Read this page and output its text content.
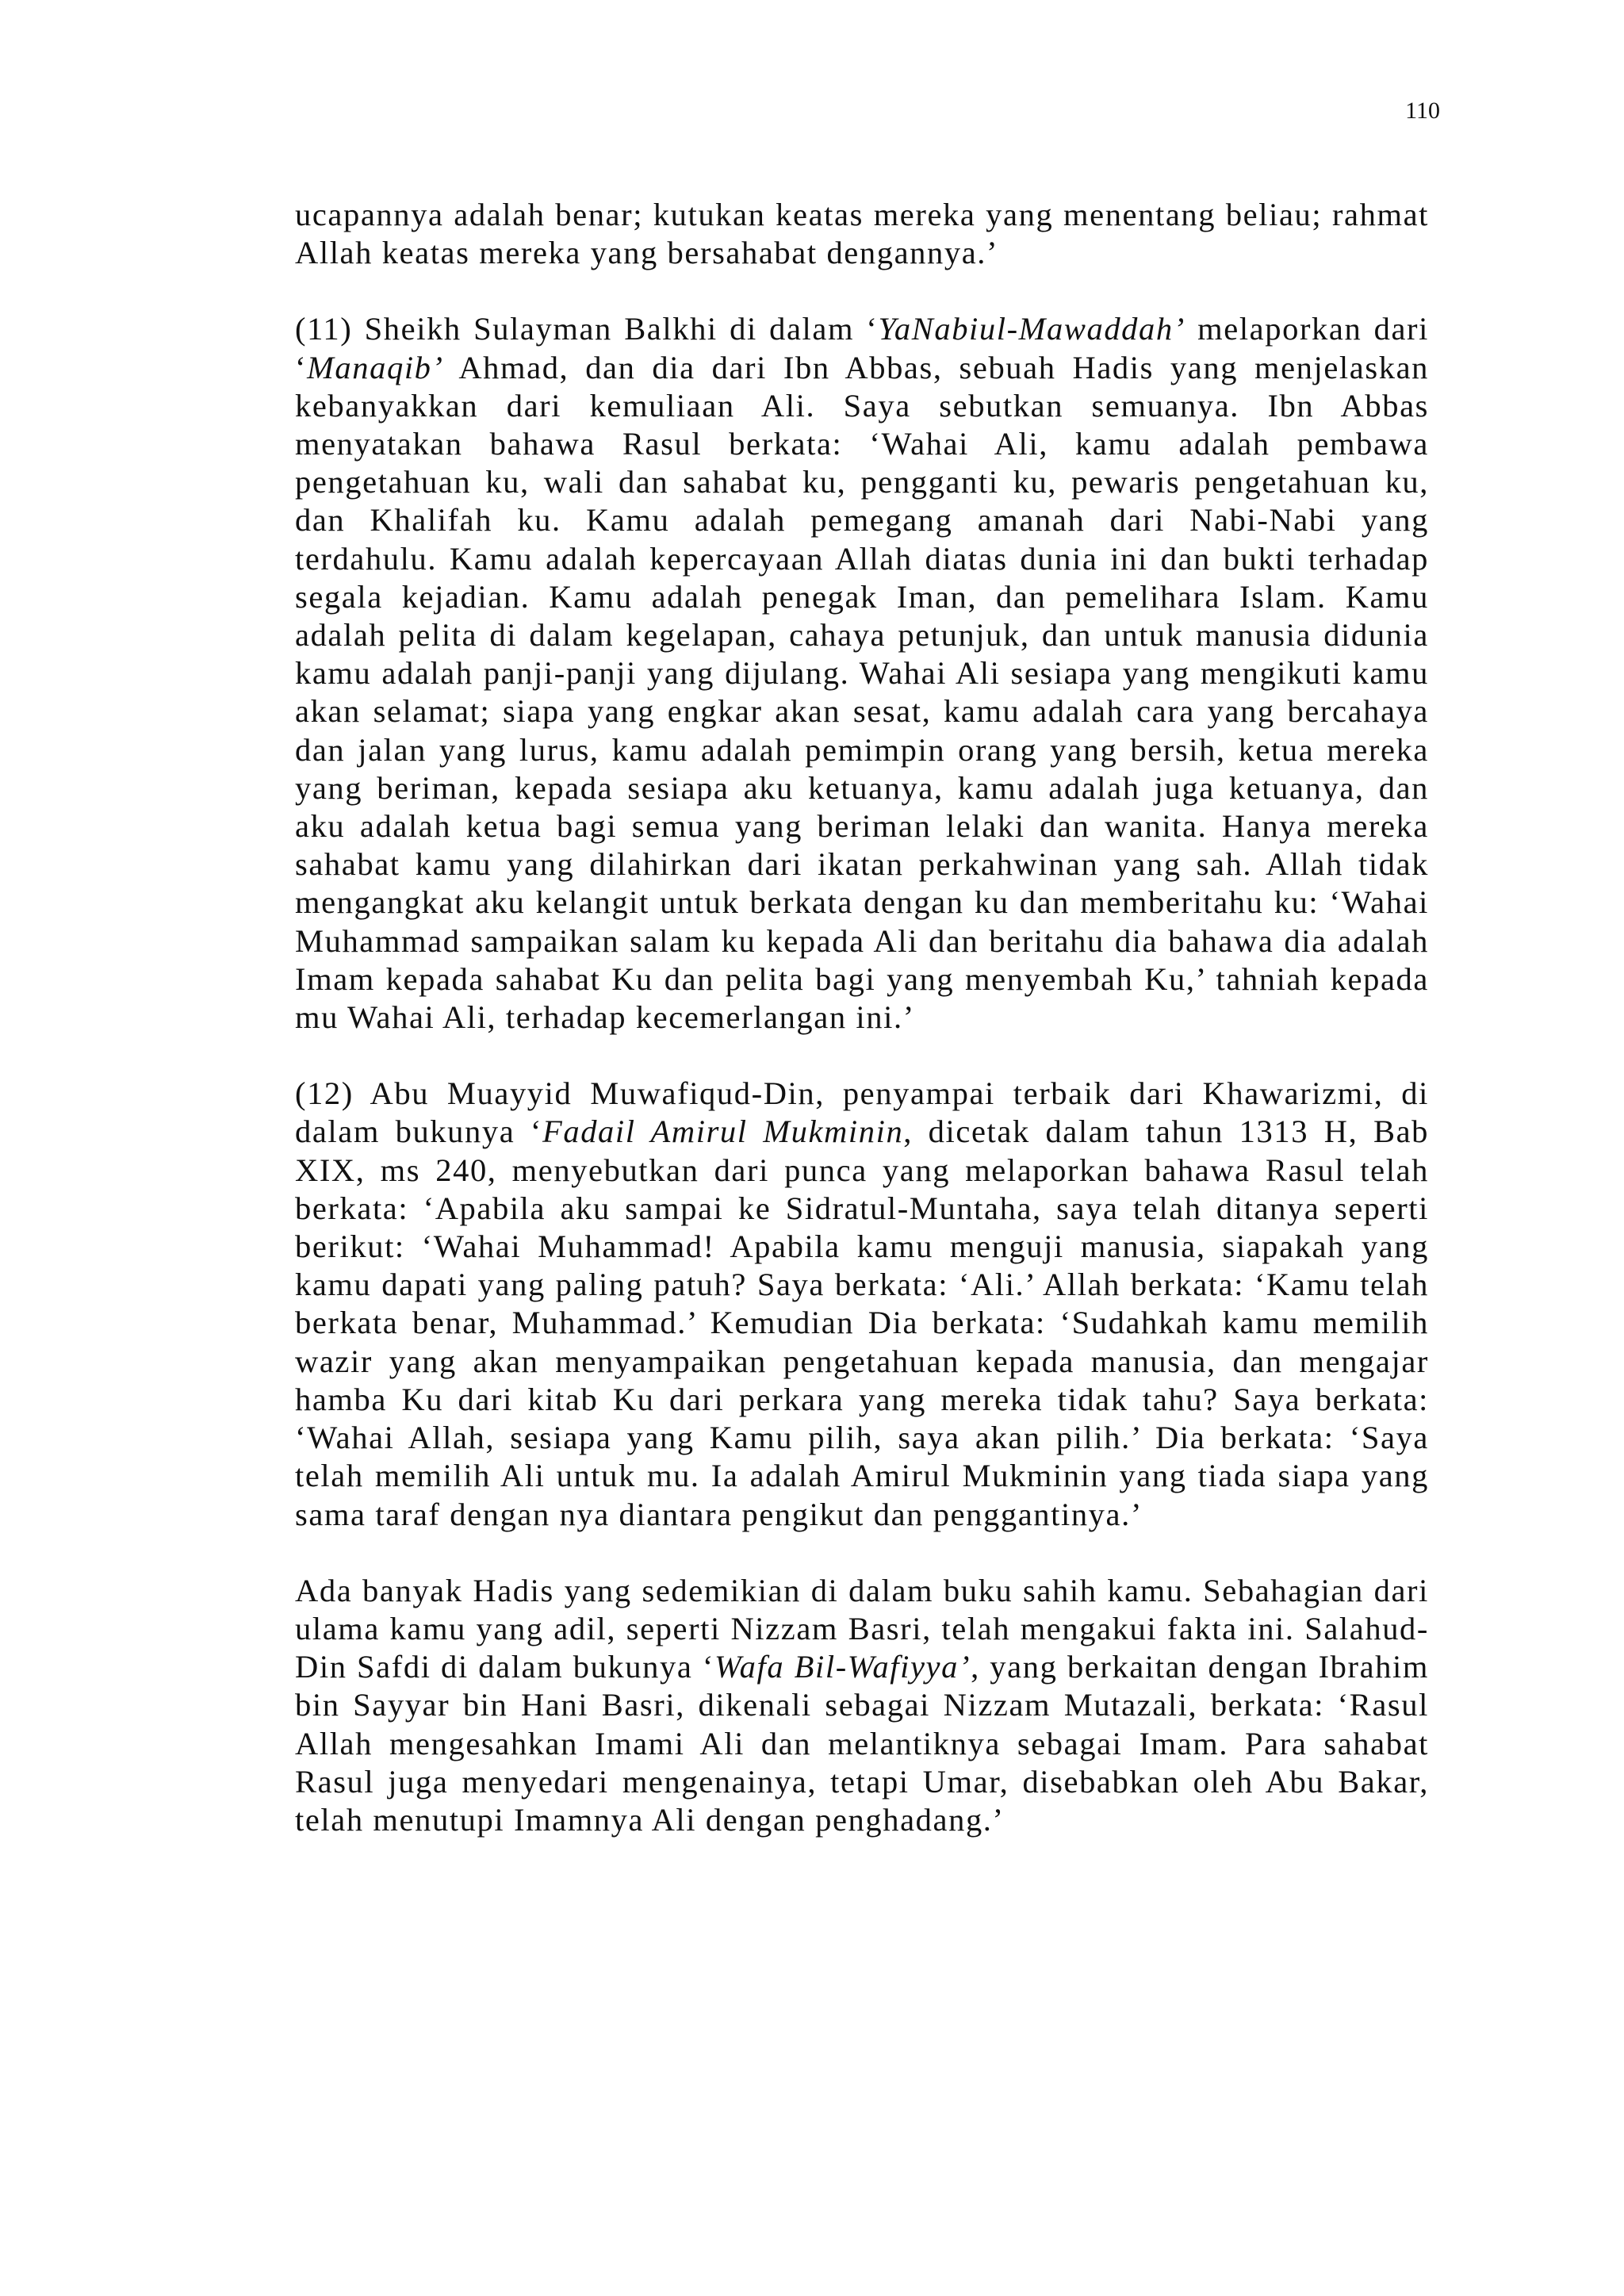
110

ucapannya adalah benar; kutukan keatas mereka yang menentang beliau; rahmat Allah keatas mereka yang bersahabat dengannya.’

(11) Sheikh Sulayman Balkhi di dalam ‘YaNabiul-Mawaddah’ melaporkan dari ‘Manaqib’ Ahmad, dan dia dari Ibn Abbas, sebuah Hadis yang menjelaskan kebanyakkan dari kemuliaan Ali. Saya sebutkan semuanya. Ibn Abbas menyatakan bahawa Rasul berkata: ‘Wahai Ali, kamu adalah pembawa pengetahuan ku, wali dan sahabat ku, pengganti ku, pewaris pengetahuan ku, dan Khalifah ku. Kamu adalah pemegang amanah dari Nabi-Nabi yang terdahulu. Kamu adalah kepercayaan Allah diatas dunia ini dan bukti terhadap segala kejadian. Kamu adalah penegak Iman, dan pemelihara Islam. Kamu adalah pelita di dalam kegelapan, cahaya petunjuk, dan untuk manusia didunia kamu adalah panji-panji yang dijulang. Wahai Ali sesiapa yang mengikuti kamu akan selamat; siapa yang engkar akan sesat, kamu adalah cara yang bercahaya dan jalan yang lurus, kamu adalah pemimpin orang yang bersih, ketua mereka yang beriman, kepada sesiapa aku ketuanya, kamu adalah juga ketuanya, dan aku adalah ketua bagi semua yang beriman lelaki dan wanita. Hanya mereka sahabat kamu yang dilahirkan dari ikatan perkahwinan yang sah. Allah tidak mengangkat aku kelangit untuk berkata dengan ku dan memberitahu ku: ‘Wahai Muhammad sampaikan salam ku kepada Ali dan beritahu dia bahawa dia adalah Imam kepada sahabat Ku dan pelita bagi yang menyembah Ku,’ tahniah kepada mu Wahai Ali, terhadap kecemerlangan ini.’

(12) Abu Muayyid Muwafiqud-Din, penyampai terbaik dari Khawarizmi, di dalam bukunya ‘Fadail Amirul Mukminin, dicetak dalam tahun 1313 H, Bab XIX, ms 240, menyebutkan dari punca yang melaporkan bahawa Rasul telah berkata: ‘Apabila aku sampai ke Sidratul-Muntaha, saya telah ditanya seperti berikut: ‘Wahai Muhammad! Apabila kamu menguji manusia, siapakah yang kamu dapati yang paling patuh? Saya berkata: ‘Ali.’ Allah berkata: ‘Kamu telah berkata benar, Muhammad.’ Kemudian Dia berkata: ‘Sudahkah kamu memilih wazir yang akan menyampaikan pengetahuan kepada manusia, dan mengajar hamba Ku dari kitab Ku dari perkara yang mereka tidak tahu? Saya berkata: ‘Wahai Allah, sesiapa yang Kamu pilih, saya akan pilih.’ Dia berkata: ‘Saya telah memilih Ali untuk mu. Ia adalah Amirul Mukminin yang tiada siapa yang sama taraf dengan nya diantara pengikut dan penggantinya.’

Ada banyak Hadis yang sedemikian di dalam buku sahih kamu. Sebahagian dari ulama kamu yang adil, seperti Nizzam Basri, telah mengakui fakta ini. Salahud-Din Safdi di dalam bukunya ‘Wafa Bil-Wafiyya’, yang berkaitan dengan Ibrahim bin Sayyar bin Hani Basri, dikenali sebagai Nizzam Mutazali, berkata: ‘Rasul Allah mengesahkan Imami Ali dan melantiknya sebagai Imam. Para sahabat Rasul juga menyedari mengenainya, tetapi Umar, disebabkan oleh Abu Bakar, telah menutupi Imamnya Ali dengan penghadang.’
